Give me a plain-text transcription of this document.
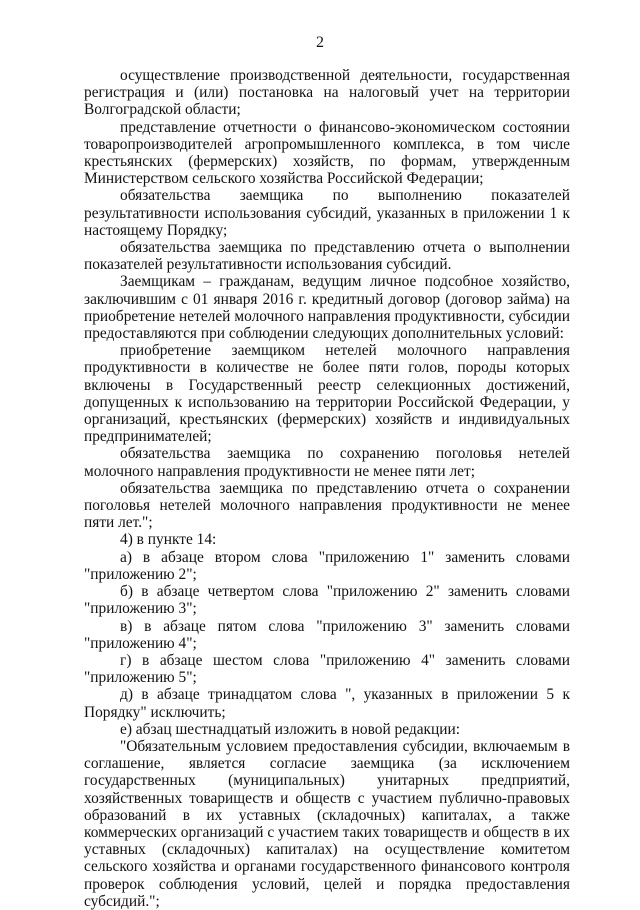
2

осуществление производственной деятельности, государственная регистрация и (или) постановка на налоговый учет на территории Волгоградской области;

представление отчетности о финансово-экономическом состоянии товаропроизводителей агропромышленного комплекса, в том числе крестьянских (фермерских) хозяйств, по формам, утвержденным Министерством сельского хозяйства Российской Федерации;

обязательства заемщика по выполнению показателей результативности использования субсидий, указанных в приложении 1 к настоящему Порядку;

обязательства заемщика по представлению отчета о выполнении показателей результативности использования субсидий.

Заемщикам – гражданам, ведущим личное подсобное хозяйство, заключившим с 01 января 2016 г. кредитный договор (договор займа) на приобретение нетелей молочного направления продуктивности, субсидии предоставляются при соблюдении следующих дополнительных условий:

приобретение заемщиком нетелей молочного направления продуктивности в количестве не более пяти голов, породы которых включены в Государственный реестр селекционных достижений, допущенных к использованию на территории Российской Федерации, у организаций, крестьянских (фермерских) хозяйств и индивидуальных предпринимателей;

обязательства заемщика по сохранению поголовья нетелей молочного направления продуктивности не менее пяти лет;

обязательства заемщика по представлению отчета о сохранении поголовья нетелей молочного направления продуктивности не менее пяти лет.";

4) в пункте 14:

а) в абзаце втором слова "приложению 1" заменить словами "приложению 2";

б) в абзаце четвертом слова "приложению 2" заменить словами "приложению 3";

в) в абзаце пятом слова "приложению 3" заменить словами "приложению 4";

г) в абзаце шестом слова "приложению 4" заменить словами "приложению 5";

д) в абзаце тринадцатом слова ", указанных в приложении 5 к Порядку" исключить;

е) абзац шестнадцатый изложить в новой редакции:

"Обязательным условием предоставления субсидии, включаемым в соглашение, является согласие заемщика (за исключением государственных (муниципальных) унитарных предприятий, хозяйственных товариществ и обществ с участием публично-правовых образований в их уставных (складочных) капиталах, а также коммерческих организаций с участием таких товариществ и обществ в их уставных (складочных) капиталах) на осуществление комитетом сельского хозяйства и органами государственного финансового контроля проверок соблюдения условий, целей и порядка предоставления субсидий.";
